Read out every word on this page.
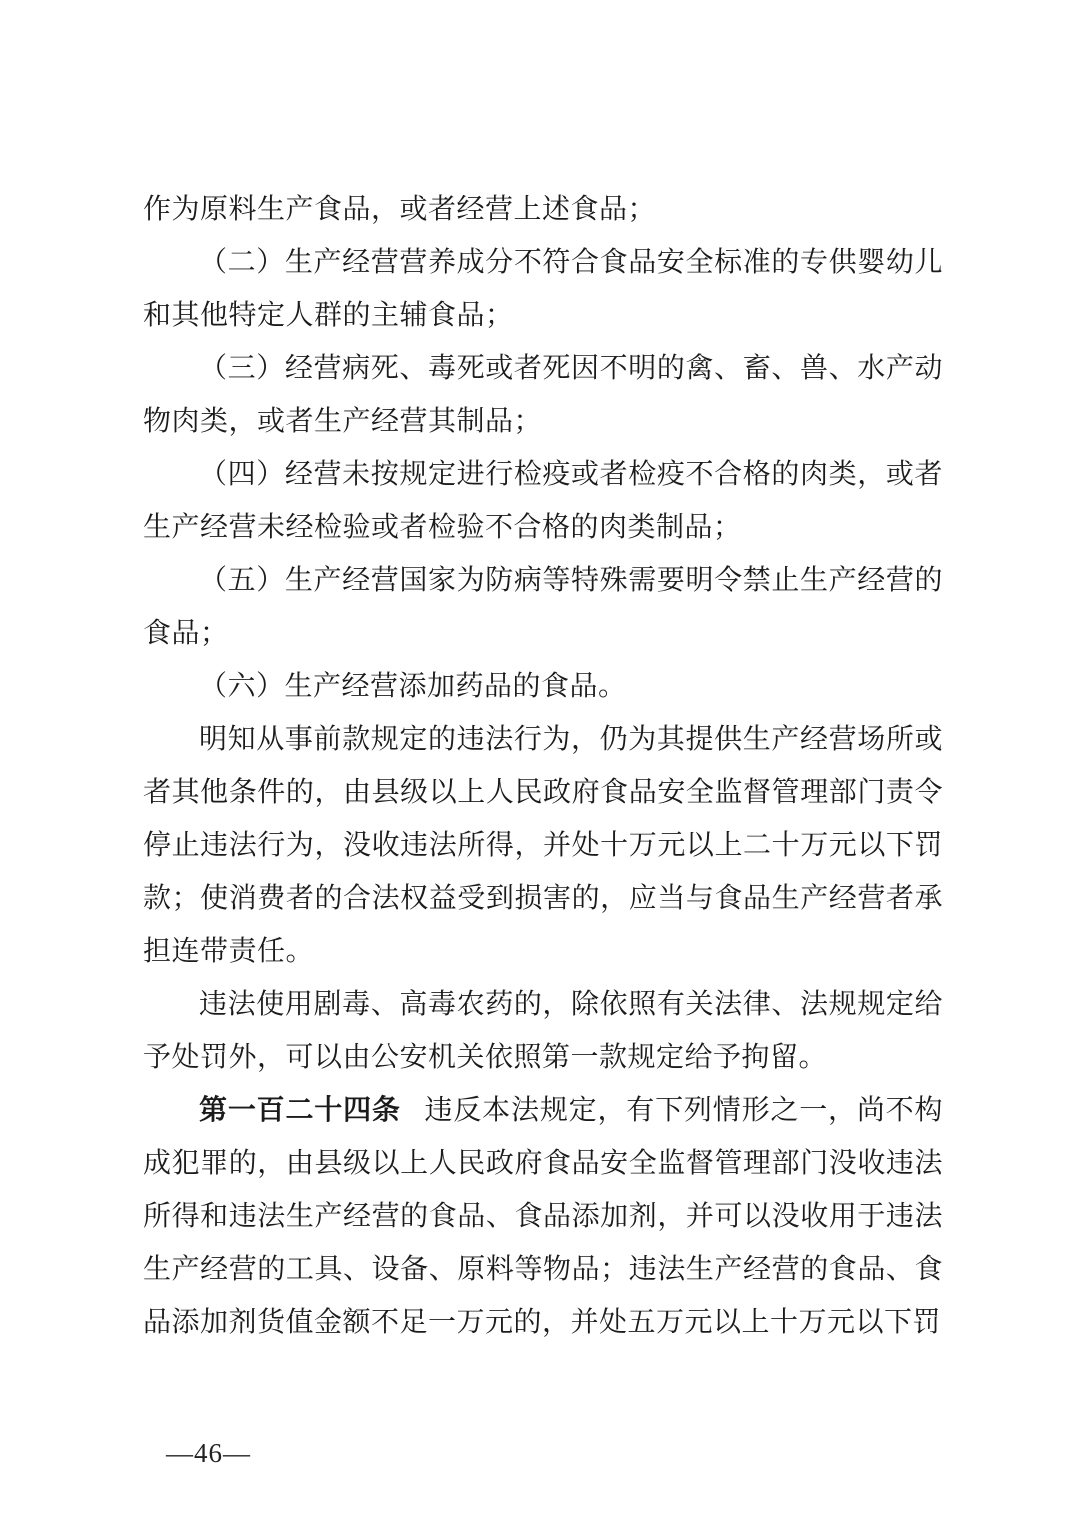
作为原料生产食品，或者经营上述食品；

（二）生产经营营养成分不符合食品安全标准的专供婴幼儿和其他特定人群的主辅食品；

（三）经营病死、毒死或者死因不明的禽、畜、兽、水产动物肉类，或者生产经营其制品；

（四）经营未按规定进行检疫或者检疫不合格的肉类，或者生产经营未经检验或者检验不合格的肉类制品；

（五）生产经营国家为防病等特殊需要明令禁止生产经营的食品；

（六）生产经营添加药品的食品。

明知从事前款规定的违法行为，仍为其提供生产经营场所或者其他条件的，由县级以上人民政府食品安全监督管理部门责令停止违法行为，没收违法所得，并处十万元以上二十万元以下罚款；使消费者的合法权益受到损害的，应当与食品生产经营者承担连带责任。

违法使用剧毒、高毒农药的，除依照有关法律、法规规定给予处罚外，可以由公安机关依照第一款规定给予拘留。

第一百二十四条 违反本法规定，有下列情形之一，尚不构成犯罪的，由县级以上人民政府食品安全监督管理部门没收违法所得和违法生产经营的食品、食品添加剂，并可以没收用于违法生产经营的工具、设备、原料等物品；违法生产经营的食品、食品添加剂货值金额不足一万元的，并处五万元以上十万元以下罚

—46—
